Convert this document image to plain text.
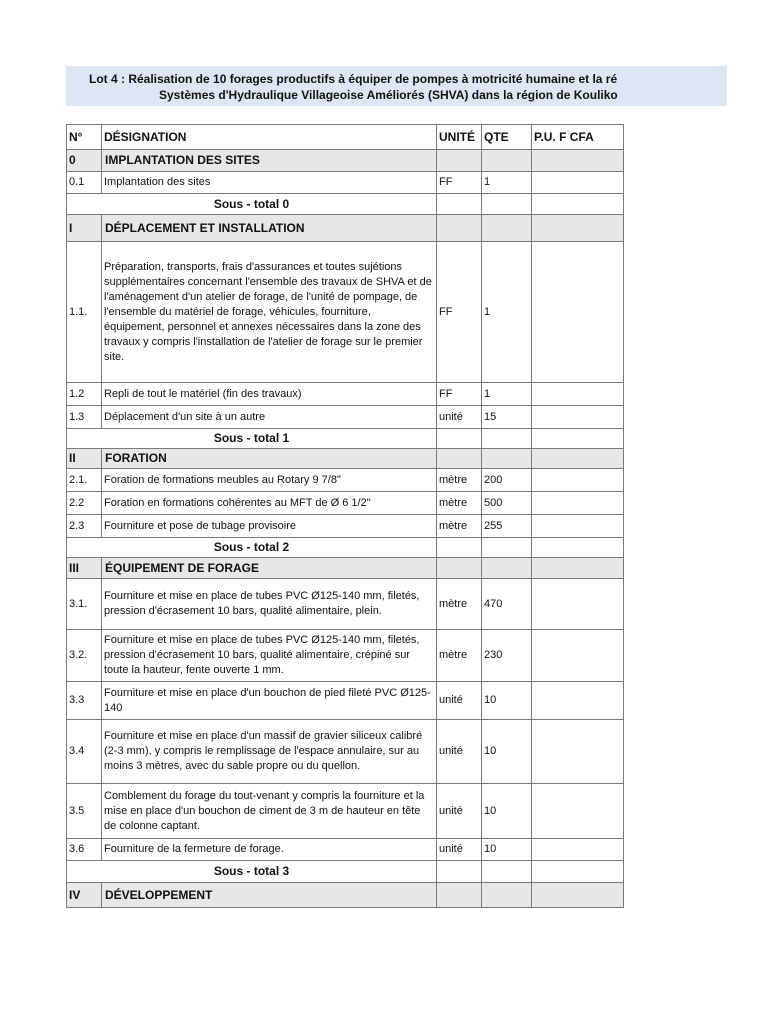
Lot 4 : Réalisation de 10 forages productifs à équiper de pompes à motricité humaine et la ré
Systèmes d'Hydraulique Villageoise Améliorés (SHVA) dans la région de Kouliko
N°	DÉSIGNATION	UNITÉ	QTE	P.U. F CFA
0	IMPLANTATION DES SITES			
0.1	Implantation des sites	FF	1	
Sous - total 0				
I	DÉPLACEMENT ET INSTALLATION			
1.1.	Préparation, transports, frais d'assurances et toutes sujétions supplémentaires concernant l'ensemble des travaux de SHVA et de l'aménagement d'un atelier de forage, de l'unité de pompage, de l'ensemble du matériel de forage, véhicules, fourniture, équipement, personnel et annexes nécessaires dans la zone des travaux y compris l'installation de l'atelier de forage sur le premier site.	FF	1	
1.2	Repli de tout le matériel (fin des travaux)	FF	1	
1.3	Déplacement d'un site à un autre	unité	15	
Sous - total 1				
II	FORATION			
2.1.	Foration de formations meubles au Rotary 9 7/8"	mètre	200	
2.2	Foration en formations cohérentes au MFT de Ø 6 1/2"	mètre	500	
2.3	Fourniture et pose de tubage provisoire	mètre	255	
Sous - total 2				
III	ÉQUIPEMENT DE FORAGE			
3.1.	Fourniture et mise en place de tubes PVC Ø125-140 mm, filetés, pression d'écrasement 10 bars, qualité alimentaire, plein.	mètre	470	
3.2.	Fourniture et mise en place de tubes PVC Ø125-140 mm, filetés, pression d'écrasement 10 bars, qualité alimentaire, crépiné sur toute la hauteur, fente ouverte 1 mm.	mètre	230	
3.3	Fourniture et mise en place d'un bouchon de pied fileté PVC Ø125-140	unité	10	
3.4	Fourniture et mise en place d'un massif de gravier siliceux calibré (2-3 mm), y compris le remplissage de l'espace annulaire, sur au moins 3 mètres, avec du sable propre ou du quellon.	unité	10	
3.5	Comblement du forage du tout-venant y compris la fourniture et la mise en place d'un bouchon de ciment de 3 m de hauteur en tête de colonne captant.	unité	10	
3.6	Fourniture de la fermeture de forage.	unité	10	
Sous - total 3				
IV	DÉVELOPPEMENT			
